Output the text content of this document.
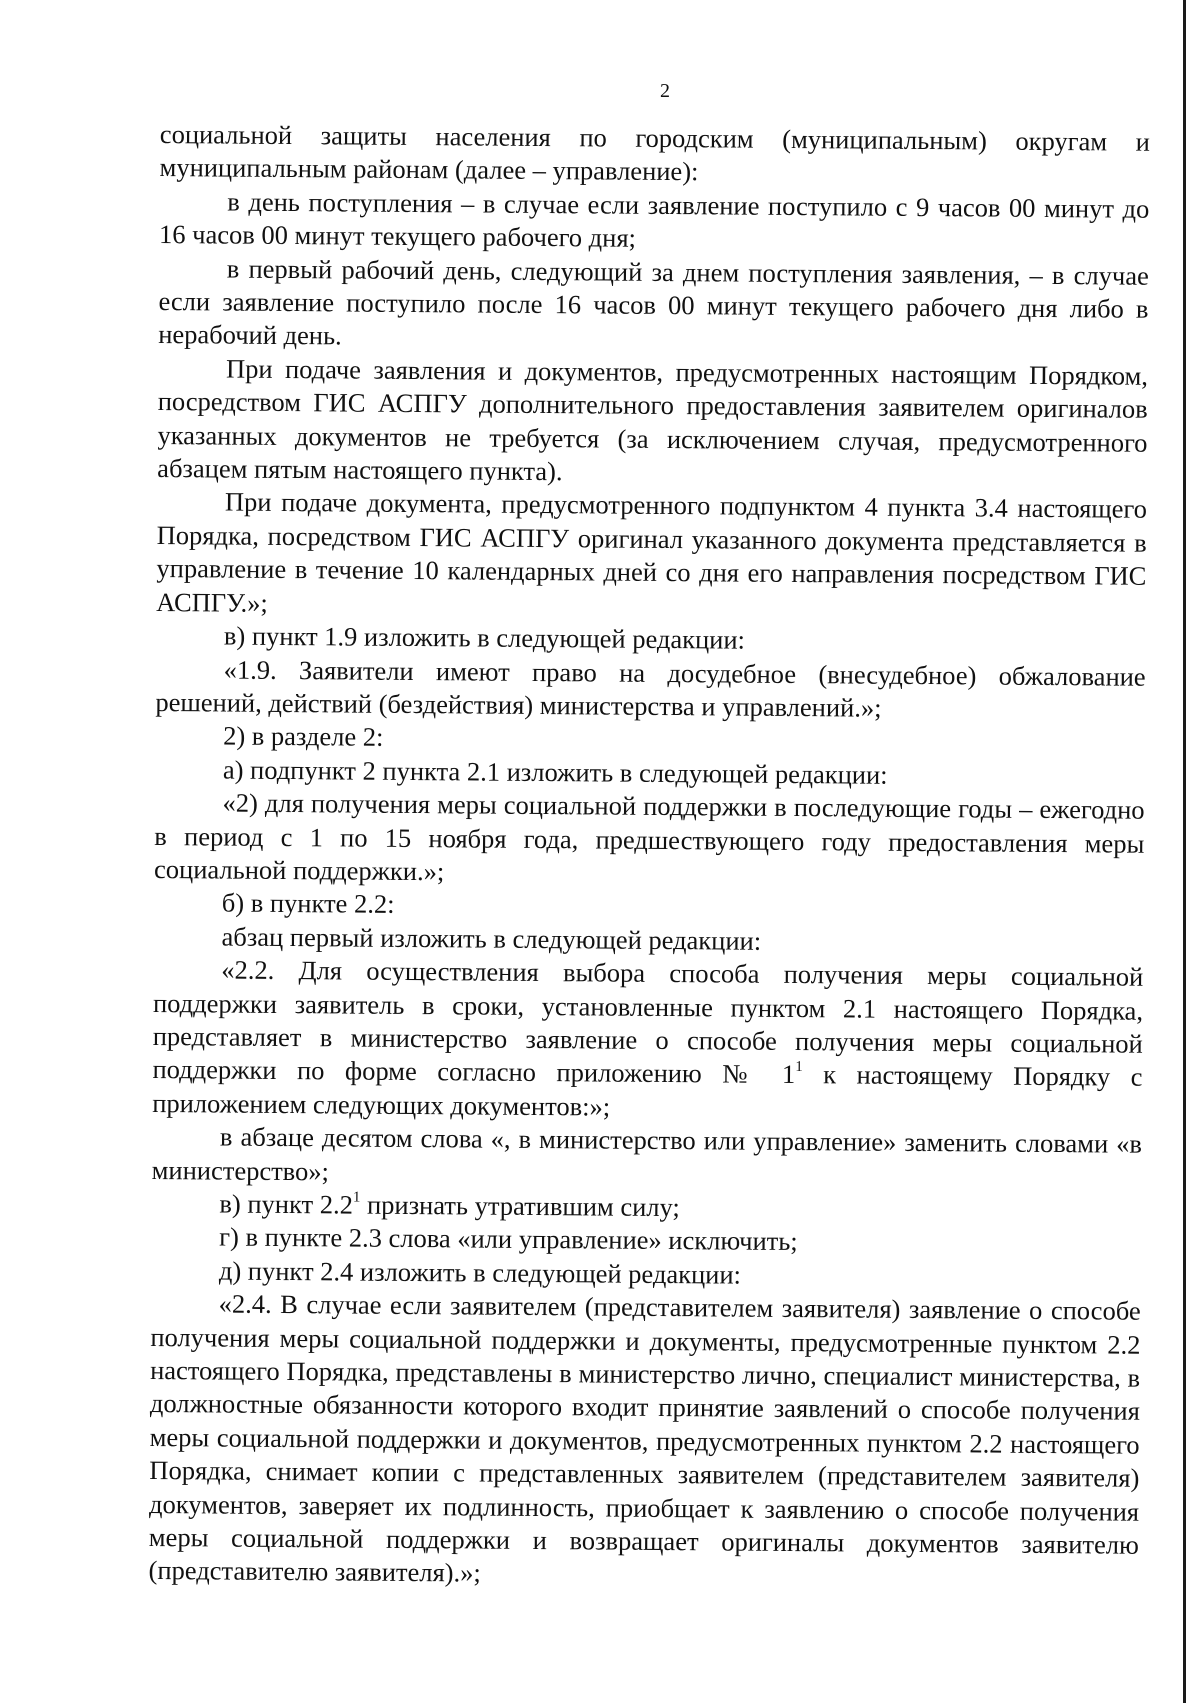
2

социальной защиты населения по городским (муниципальным) округам и муниципальным районам (далее – управление):

в день поступления – в случае если заявление поступило с 9 часов 00 минут до 16 часов 00 минут текущего рабочего дня;

в первый рабочий день, следующий за днем поступления заявления, – в случае если заявление поступило после 16 часов 00 минут текущего рабочего дня либо в нерабочий день.

При подаче заявления и документов, предусмотренных настоящим Порядком, посредством ГИС АСПГУ дополнительного предоставления заявителем оригиналов указанных документов не требуется (за исключением случая, предусмотренного абзацем пятым настоящего пункта).

При подаче документа, предусмотренного подпунктом 4 пункта 3.4 настоящего Порядка, посредством ГИС АСПГУ оригинал указанного документа представляется в управление в течение 10 календарных дней со дня его направления посредством ГИС АСПГУ.»;

в) пункт 1.9 изложить в следующей редакции:

«1.9. Заявители имеют право на досудебное (внесудебное) обжалование решений, действий (бездействия) министерства и управлений.»;

2) в разделе 2:

а) подпункт 2 пункта 2.1 изложить в следующей редакции:

«2) для получения меры социальной поддержки в последующие годы – ежегодно в период с 1 по 15 ноября года, предшествующего году предоставления меры социальной поддержки.»;

б) в пункте 2.2:

абзац первый изложить в следующей редакции:

«2.2. Для осуществления выбора способа получения меры социальной поддержки заявитель в сроки, установленные пунктом 2.1 настоящего Порядка, представляет в министерство заявление о способе получения меры социальной поддержки по форме согласно приложению № $1^1$ к настоящему Порядку с приложением следующих документов:»;

в абзаце десятом слова «, в министерство или управление» заменить словами «в министерство»;

в) пункт $2.2^1$ признать утратившим силу;

г) в пункте 2.3 слова «или управление» исключить;

д) пункт 2.4 изложить в следующей редакции:

«2.4. В случае если заявителем (представителем заявителя) заявление о способе получения меры социальной поддержки и документы, предусмотренные пунктом 2.2 настоящего Порядка, представлены в министерство лично, специалист министерства, в должностные обязанности которого входит принятие заявлений о способе получения меры социальной поддержки и документов, предусмотренных пунктом 2.2 настоящего Порядка, снимает копии с представленных заявителем (представителем заявителя) документов, заверяет их подлинность, приобщает к заявлению о способе получения меры социальной поддержки и возвращает оригиналы документов заявителю (представителю заявителя).»;
